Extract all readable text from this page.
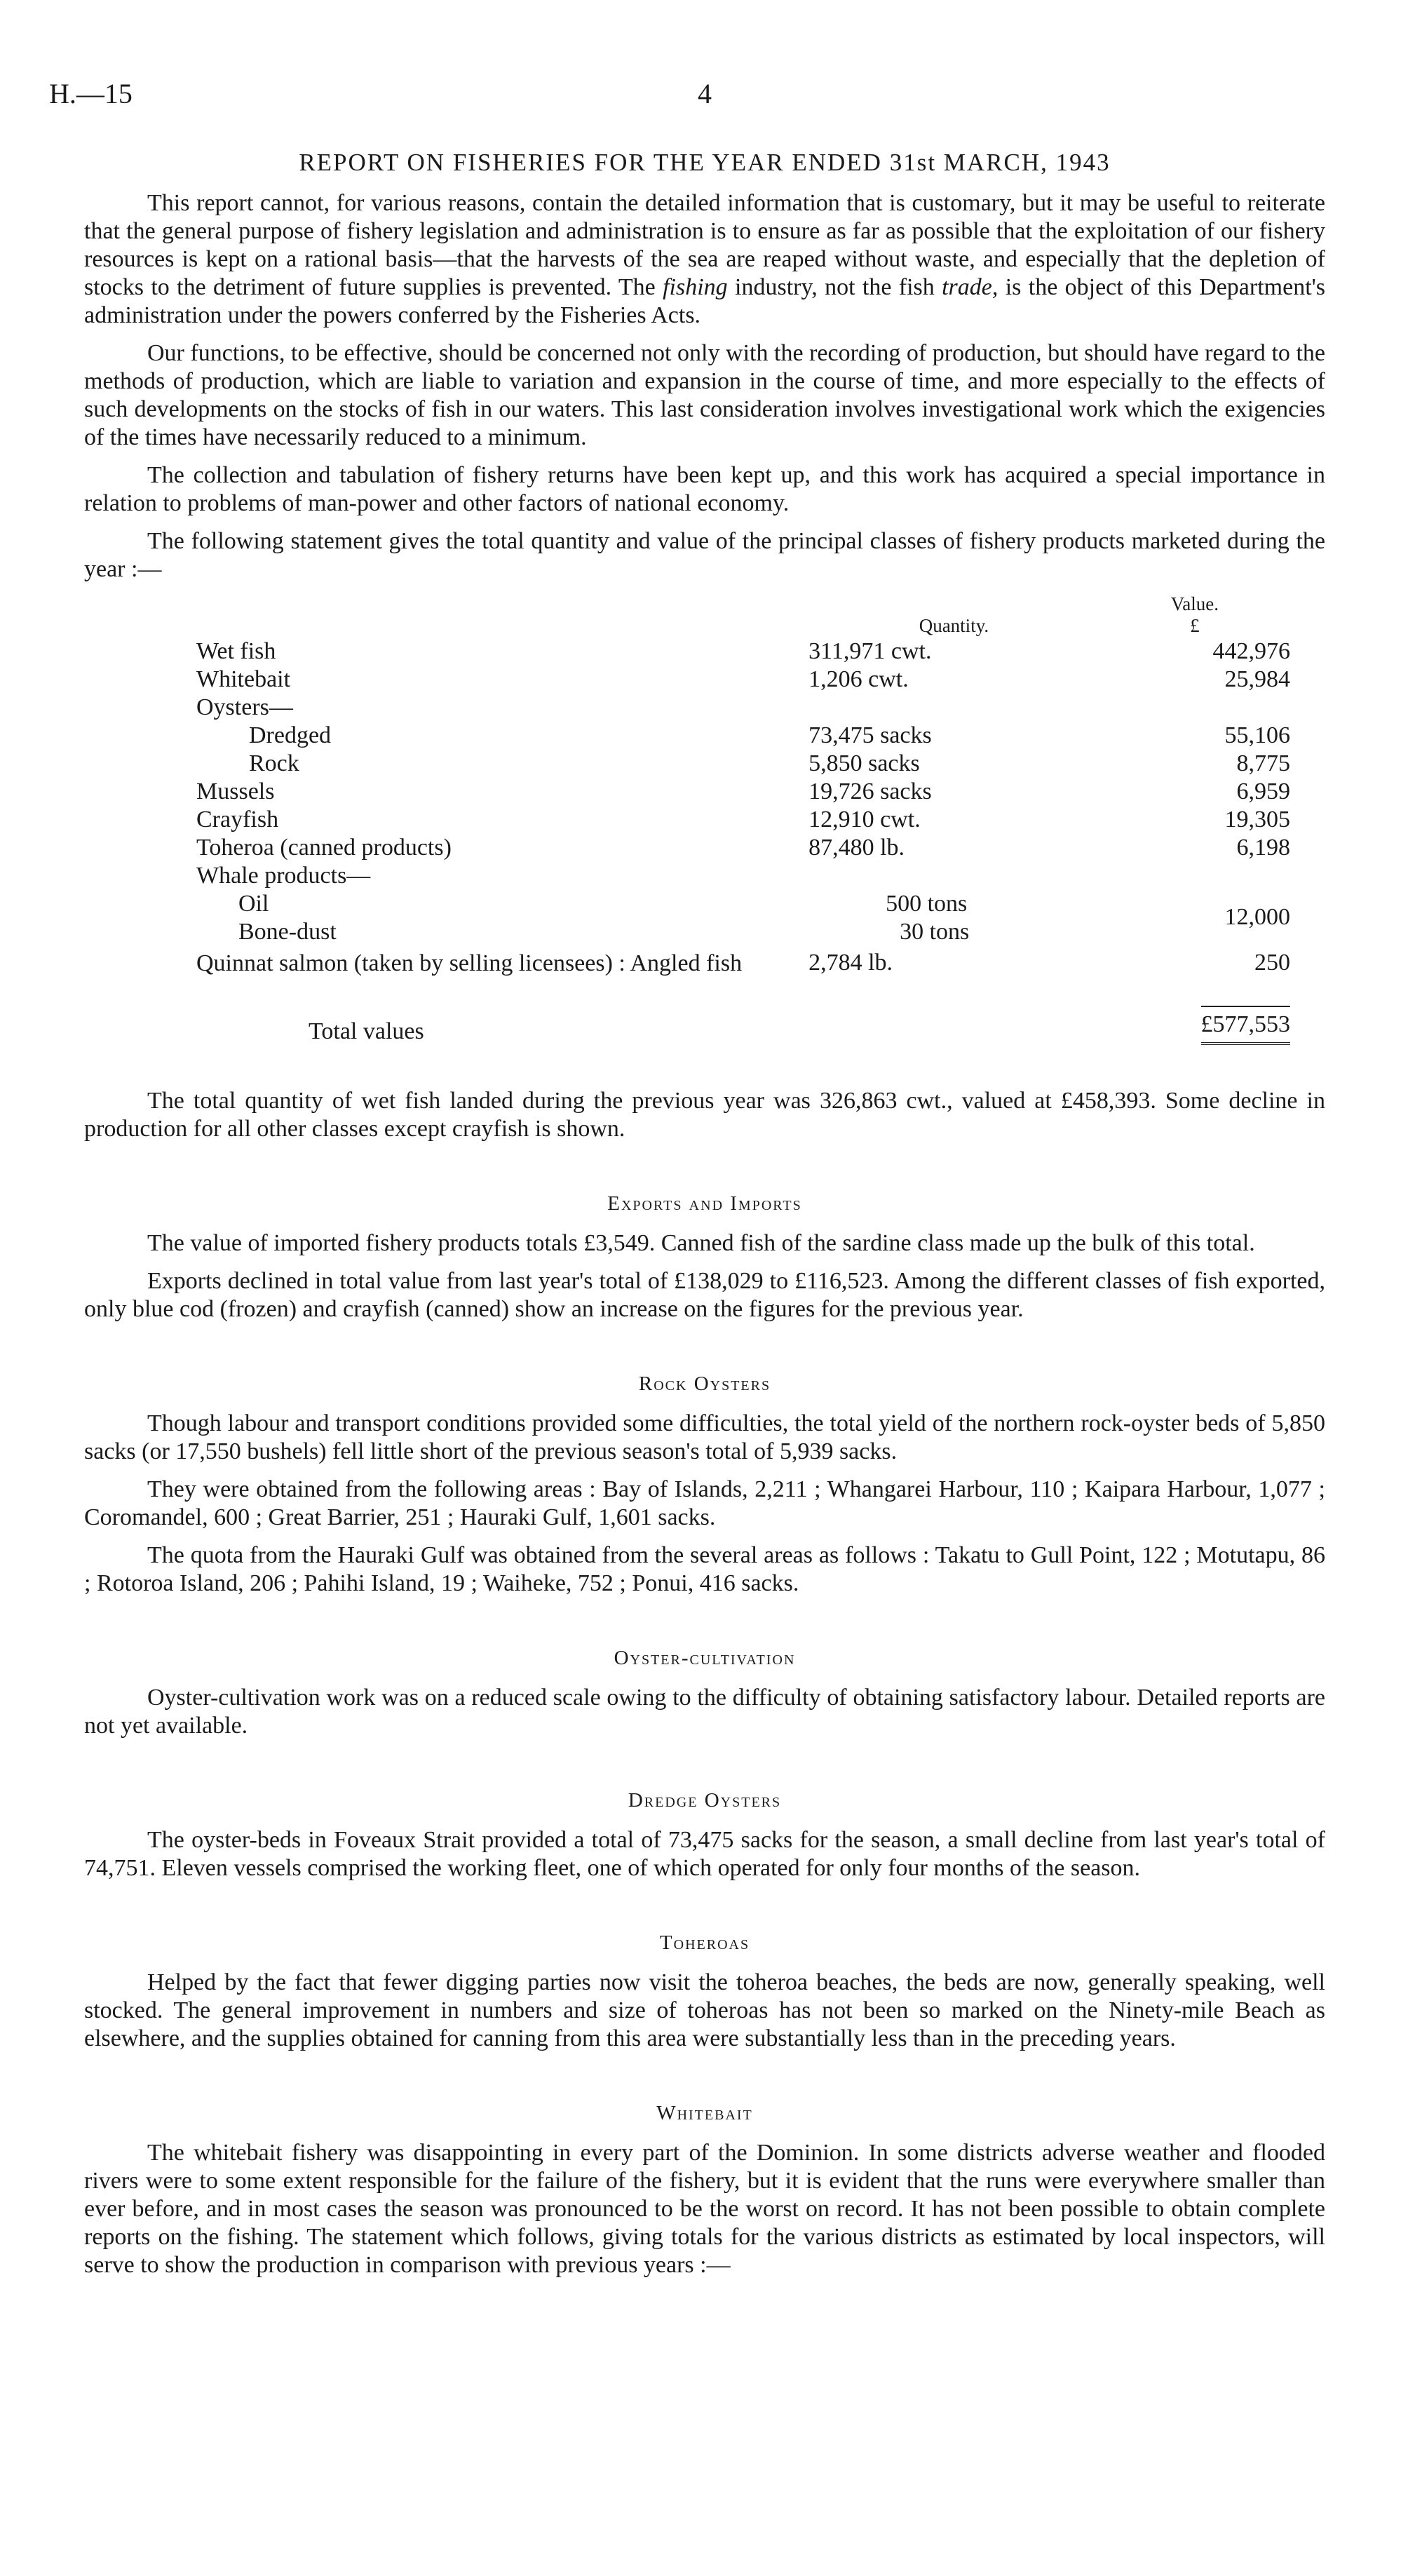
H.—15	4
REPORT ON FISHERIES FOR THE YEAR ENDED 31st MARCH, 1943

This report cannot, for various reasons, contain the detailed information that is customary, but it may be useful to reiterate that the general purpose of fishery legislation and administration is to ensure as far as possible that the exploitation of our fishery resources is kept on a rational basis—that the harvests of the sea are reaped without waste, and especially that the depletion of stocks to the detriment of future supplies is prevented. The fishing industry, not the fish trade, is the object of this Department's administration under the powers conferred by the Fisheries Acts.

Our functions, to be effective, should be concerned not only with the recording of production, but should have regard to the methods of production, which are liable to variation and expansion in the course of time, and more especially to the effects of such developments on the stocks of fish in our waters. This last consideration involves investigational work which the exigencies of the times have necessarily reduced to a minimum.

The collection and tabulation of fishery returns have been kept up, and this work has acquired a special importance in relation to problems of man-power and other factors of national economy.

The following statement gives the total quantity and value of the principal classes of fishery products marketed during the year :—

	Quantity.	Value.
£
Wet fish	311,971 cwt.	442,976
Whitebait	1,206 cwt.	25,984
Oysters—		
Dredged	73,475 sacks	55,106
Rock	5,850 sacks	8,775
Mussels	19,726 sacks	6,959
Crayfish	12,910 cwt.	19,305
Toheroa (canned products)	87,480 lb.	6,198
Whale products—		
Oil	500 tons	12,000
Bone-dust	30 tons	
Quinnat salmon (taken by selling licensees) : Angled fish	2,784 lb.	250
Total values		£577,553

The total quantity of wet fish landed during the previous year was 326,863 cwt., valued at £458,393. Some decline in production for all other classes except crayfish is shown.

Exports and Imports

The value of imported fishery products totals £3,549. Canned fish of the sardine class made up the bulk of this total.

Exports declined in total value from last year's total of £138,029 to £116,523. Among the different classes of fish exported, only blue cod (frozen) and crayfish (canned) show an increase on the figures for the previous year.

Rock Oysters

Though labour and transport conditions provided some difficulties, the total yield of the northern rock-oyster beds of 5,850 sacks (or 17,550 bushels) fell little short of the previous season's total of 5,939 sacks.

They were obtained from the following areas : Bay of Islands, 2,211 ; Whangarei Harbour, 110 ; Kaipara Harbour, 1,077 ; Coromandel, 600 ; Great Barrier, 251 ; Hauraki Gulf, 1,601 sacks.

The quota from the Hauraki Gulf was obtained from the several areas as follows : Takatu to Gull Point, 122 ; Motutapu, 86 ; Rotoroa Island, 206 ; Pahihi Island, 19 ; Waiheke, 752 ; Ponui, 416 sacks.

Oyster-cultivation

Oyster-cultivation work was on a reduced scale owing to the difficulty of obtaining satisfactory labour. Detailed reports are not yet available.

Dredge Oysters

The oyster-beds in Foveaux Strait provided a total of 73,475 sacks for the season, a small decline from last year's total of 74,751. Eleven vessels comprised the working fleet, one of which operated for only four months of the season.

Toheroas

Helped by the fact that fewer digging parties now visit the toheroa beaches, the beds are now, generally speaking, well stocked. The general improvement in numbers and size of toheroas has not been so marked on the Ninety-mile Beach as elsewhere, and the supplies obtained for canning from this area were substantially less than in the preceding years.

Whitebait

The whitebait fishery was disappointing in every part of the Dominion. In some districts adverse weather and flooded rivers were to some extent responsible for the failure of the fishery, but it is evident that the runs were everywhere smaller than ever before, and in most cases the season was pronounced to be the worst on record. It has not been possible to obtain complete reports on the fishing. The statement which follows, giving totals for the various districts as estimated by local inspectors, will serve to show the production in comparison with previous years :—
